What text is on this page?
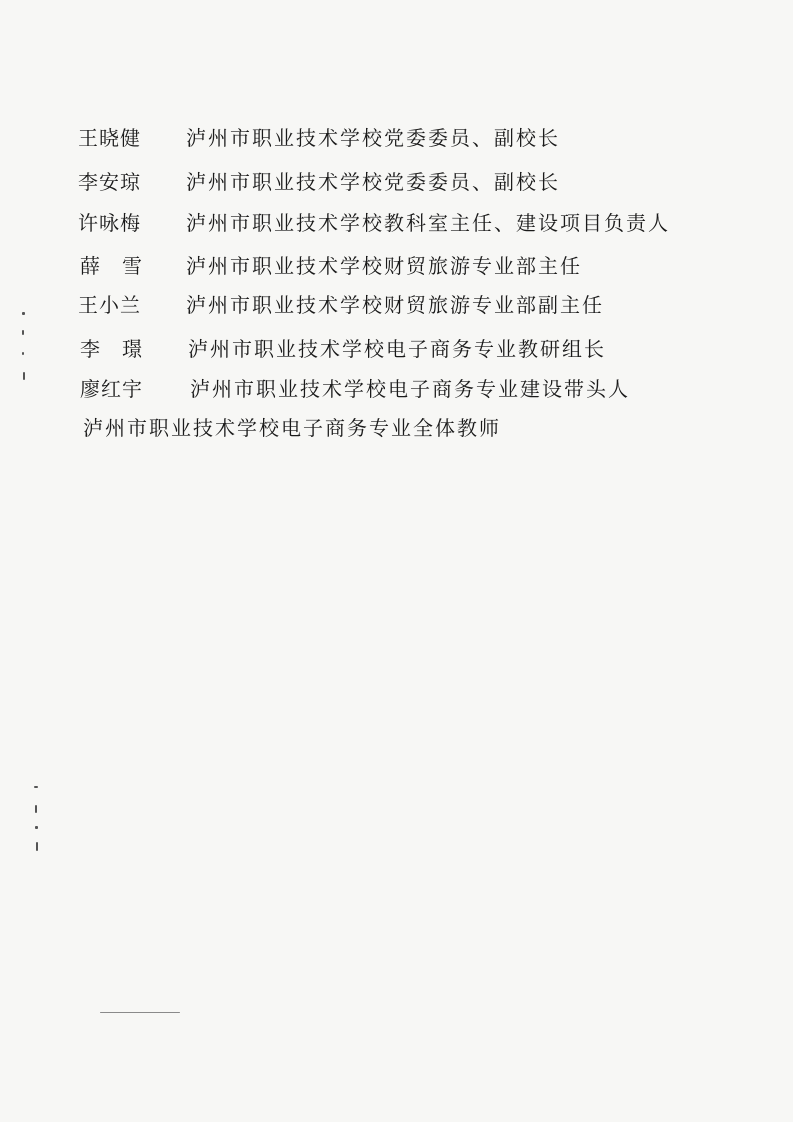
王晓健 泸州市职业技术学校党委委员、副校长
李安琼 泸州市职业技术学校党委委员、副校长
许咏梅 泸州市职业技术学校教科室主任、建设项目负责人
薛　雪 泸州市职业技术学校财贸旅游专业部主任
王小兰 泸州市职业技术学校财贸旅游专业部副主任
李　璟 泸州市职业技术学校电子商务专业教研组长
廖红宇 泸州市职业技术学校电子商务专业建设带头人
泸州市职业技术学校电子商务专业全体教师
